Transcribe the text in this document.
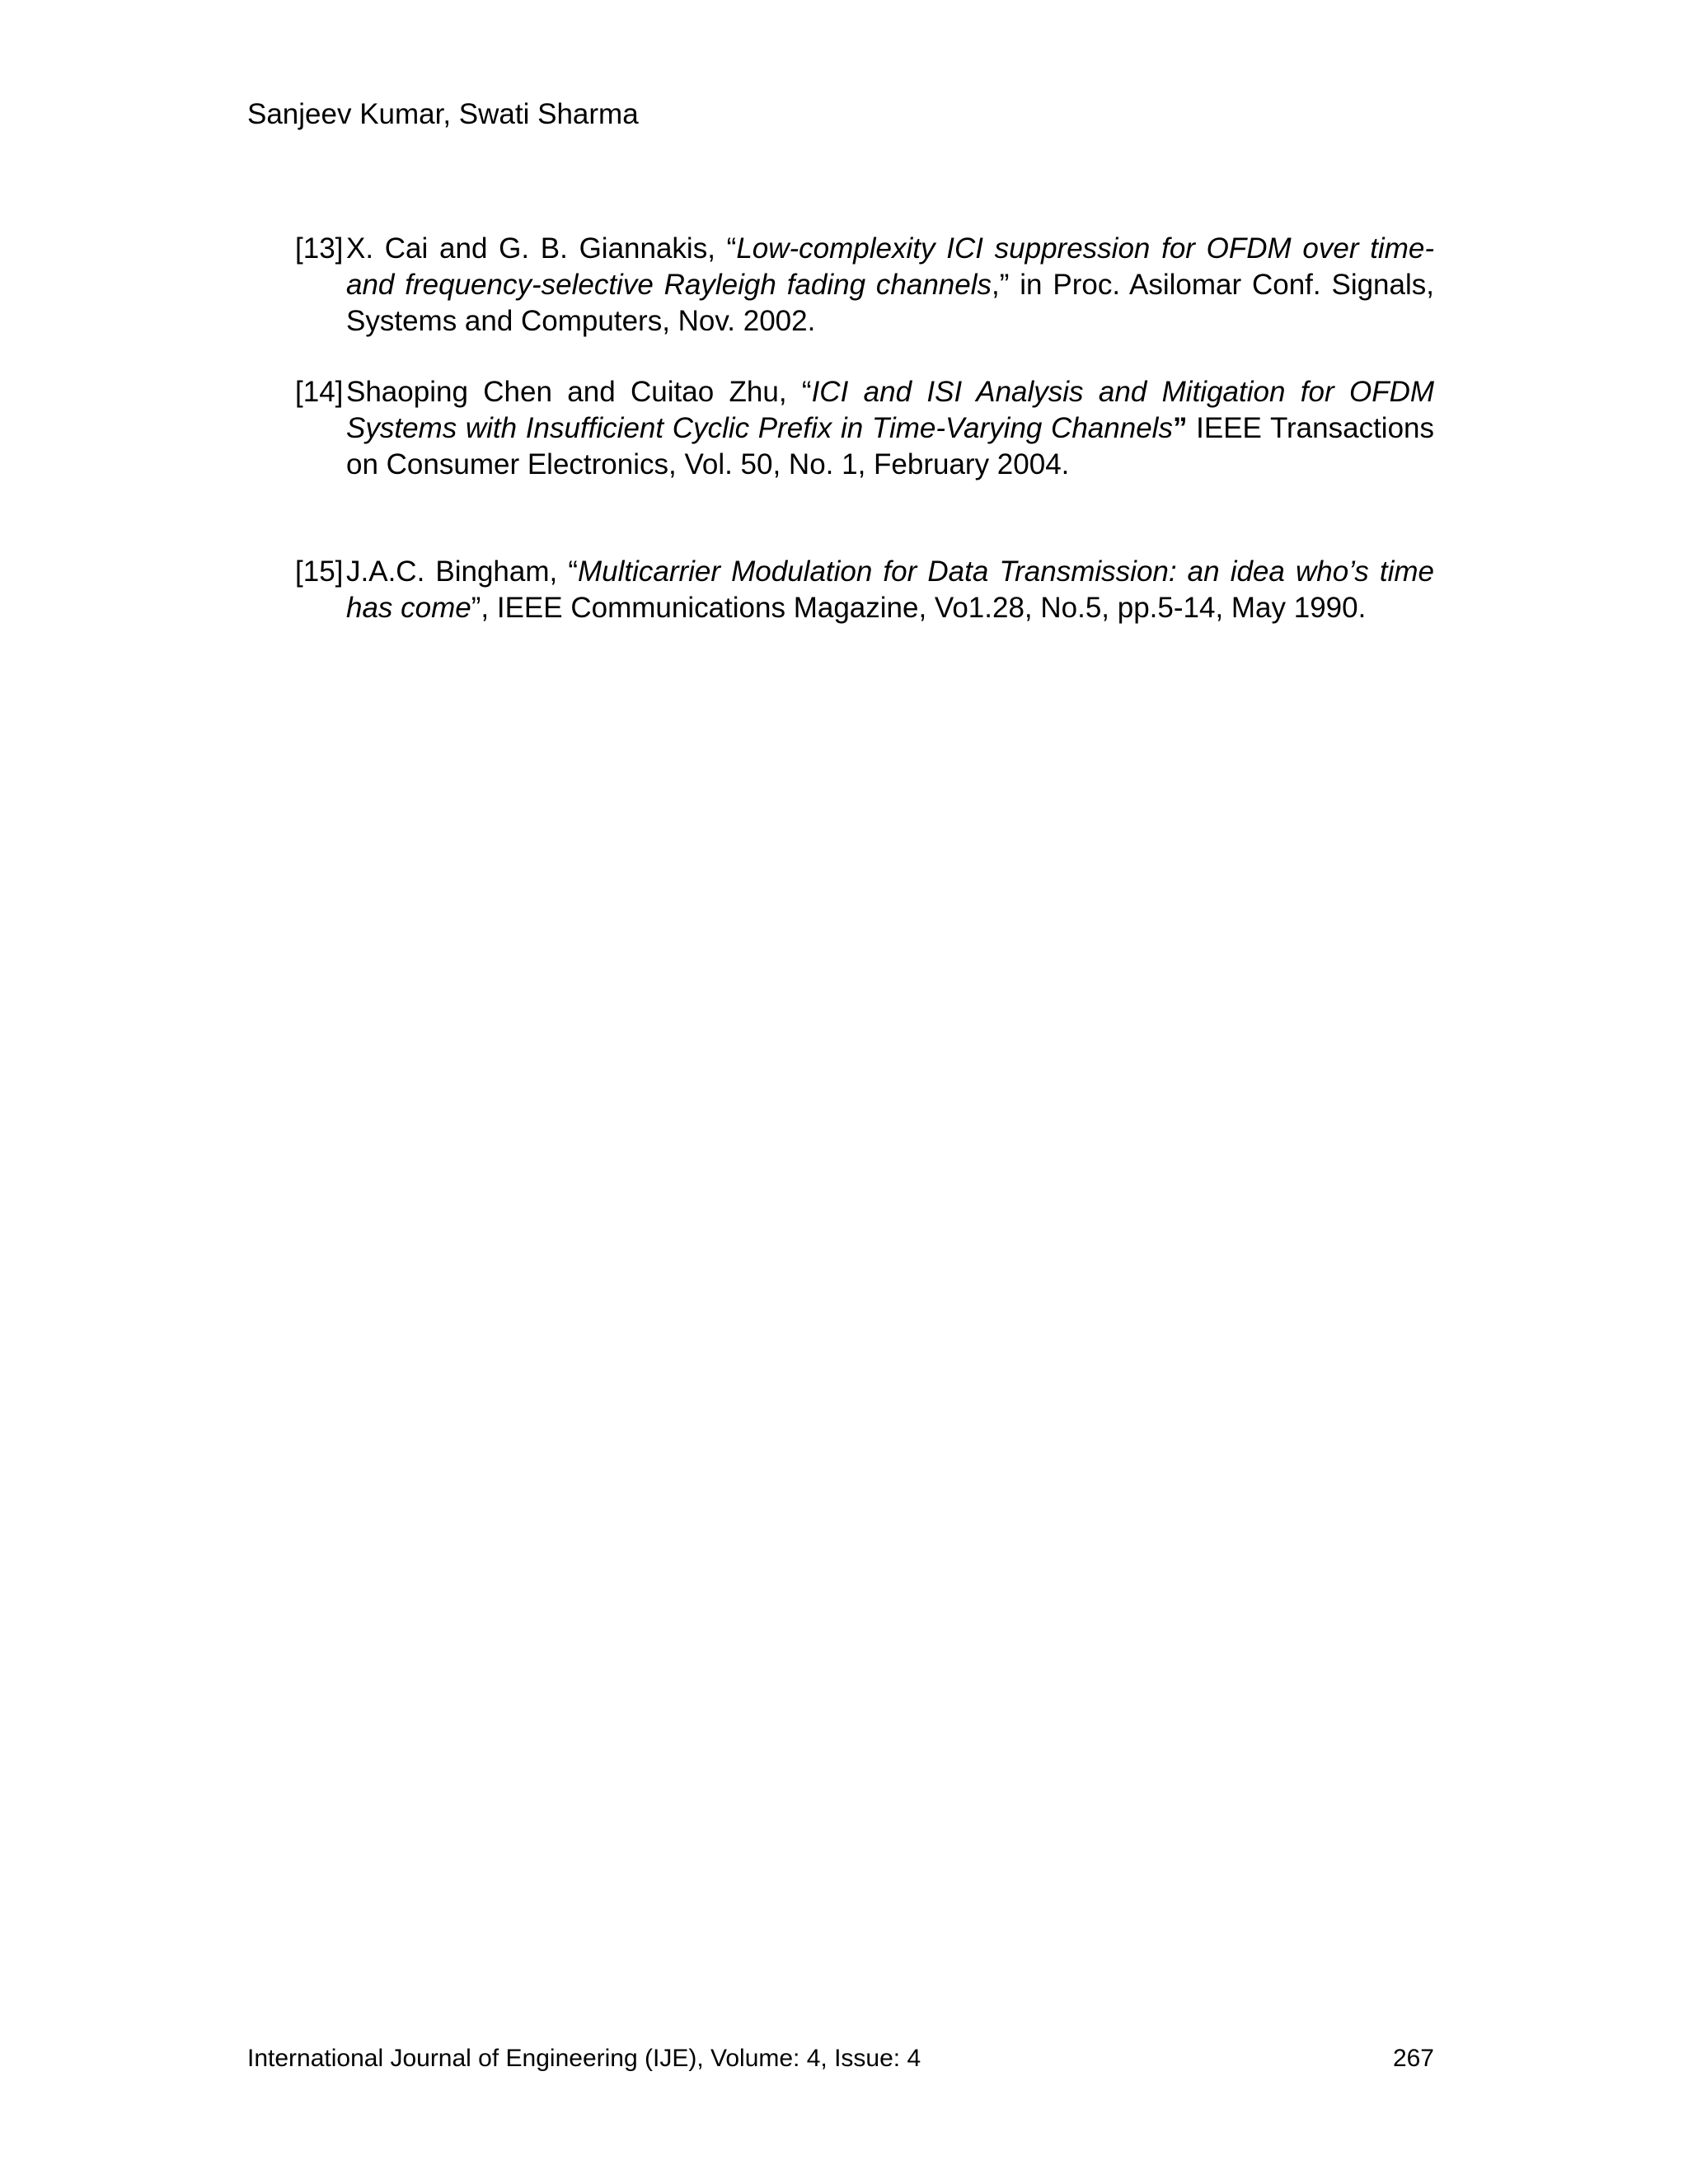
Sanjeev Kumar, Swati Sharma
[13] X. Cai and G. B. Giannakis, “Low-complexity ICI suppression for OFDM over time- and frequency-selective Rayleigh fading channels,” in Proc. Asilomar Conf. Signals, Systems and Computers, Nov. 2002.
[14] Shaoping Chen and Cuitao Zhu, “ICI and ISI Analysis and Mitigation for OFDM Systems with Insufficient Cyclic Prefix in Time-Varying Channels” IEEE Transactions on Consumer Electronics, Vol. 50, No. 1, February 2004.
[15] J.A.C. Bingham, “Multicarrier Modulation for Data Transmission: an idea who’s time has come”, IEEE Communications Magazine, Vo1.28, No.5, pp.5-14, May 1990.
International Journal of Engineering (IJE), Volume: 4, Issue: 4	267
